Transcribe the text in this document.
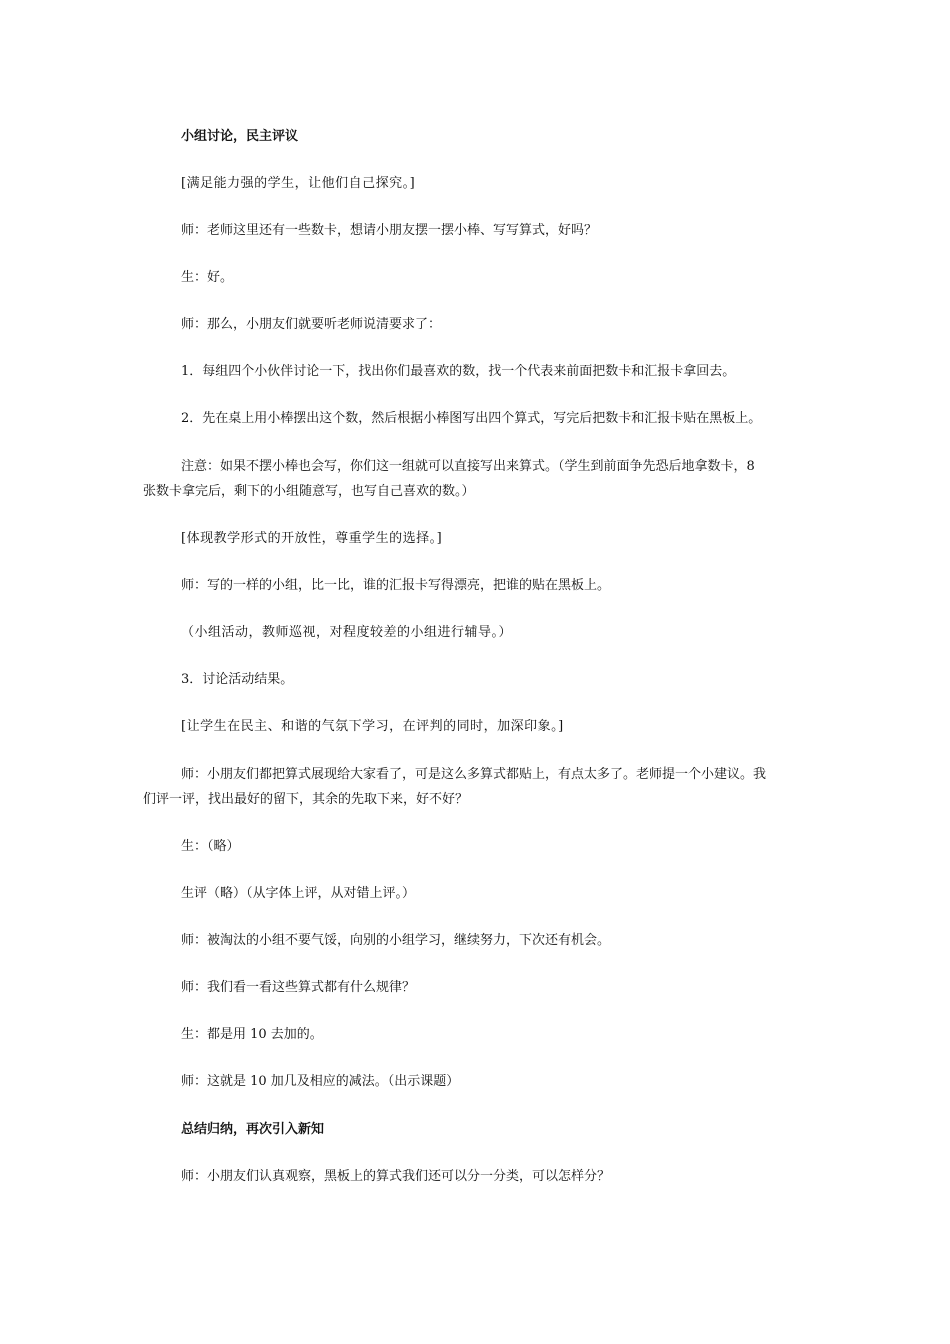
小组讨论，民主评议
[满足能力强的学生，让他们自己探究。]
师：老师这里还有一些数卡，想请小朋友摆一摆小棒、写写算式，好吗？
生：好。
师：那么，小朋友们就要听老师说清要求了：
1．每组四个小伙伴讨论一下，找出你们最喜欢的数，找一个代表来前面把数卡和汇报卡拿回去。
2．先在桌上用小棒摆出这个数，然后根据小棒图写出四个算式，写完后把数卡和汇报卡贴在黑板上。
注意：如果不摆小棒也会写，你们这一组就可以直接写出来算式。（学生到前面争先恐后地拿数卡，8
张数卡拿完后，剩下的小组随意写，也写自己喜欢的数。）
[体现教学形式的开放性，尊重学生的选择。]
师：写的一样的小组，比一比，谁的汇报卡写得漂亮，把谁的贴在黑板上。
（小组活动，教师巡视，对程度较差的小组进行辅导。）
3．讨论活动结果。
[让学生在民主、和谐的气氛下学习，在评判的同时，加深印象。]
师：小朋友们都把算式展现给大家看了，可是这么多算式都贴上，有点太多了。老师提一个小建议。我
们评一评，找出最好的留下，其余的先取下来，好不好？
生：（略）
生评（略）（从字体上评，从对错上评。）
师：被淘汰的小组不要气馁，向别的小组学习，继续努力，下次还有机会。
师：我们看一看这些算式都有什么规律？
生：都是用 10 去加的。
师：这就是 10 加几及相应的减法。（出示课题）
总结归纳，再次引入新知
师：小朋友们认真观察，黑板上的算式我们还可以分一分类，可以怎样分？
